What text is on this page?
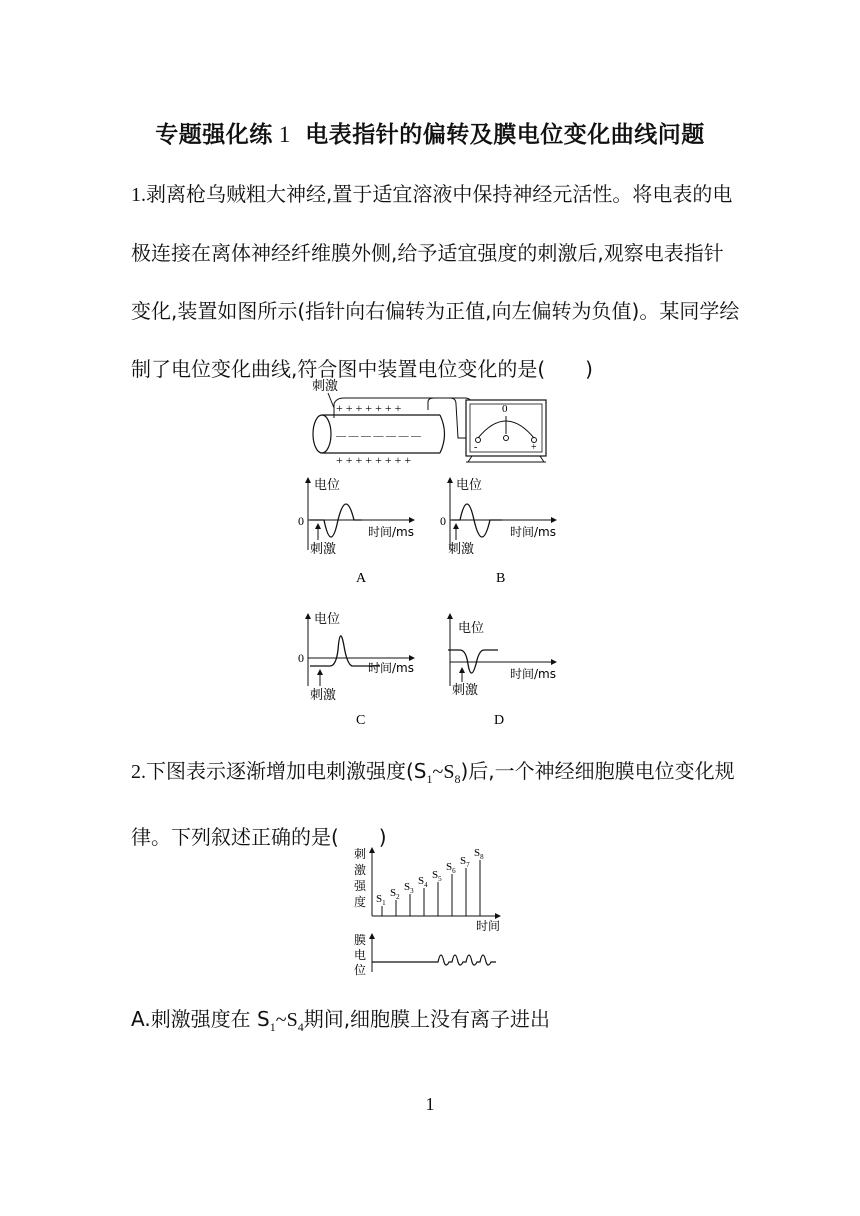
专题强化练 1 电表指针的偏转及膜电位变化曲线问题
1.剥离枪乌贼粗大神经,置于适宜溶液中保持神经元活性。将电表的电极连接在离体神经纤维膜外侧,给予适宜强度的刺激后,观察电表指针变化,装置如图所示(指针向右偏转为正值,向左偏转为负值)。某同学绘制了电位变化曲线,符合图中装置电位变化的是(　　)
刺激
+ + + + + + +
— — — — — — —
+ + + + + + + +
0
-	+
电位
0
时间/ms
刺激
A
电位
0
时间/ms
刺激
B
电位
0
时间/ms
刺激
C
电位
时间/ms
刺激
D
2.下图表示逐渐增加电刺激强度$(S_1\sim S_8)$后,一个神经细胞膜电位变化规律。下列叙述正确的是(　　)
刺
激
强
度
膜
电
位
时间
$S_1$
$S_2$
$S_3$
$S_4$
$S_5$
$S_6$
$S_7$
$S_8$
A.刺激强度在 $S_1\sim S_4$期间,细胞膜上没有离子进出
1
